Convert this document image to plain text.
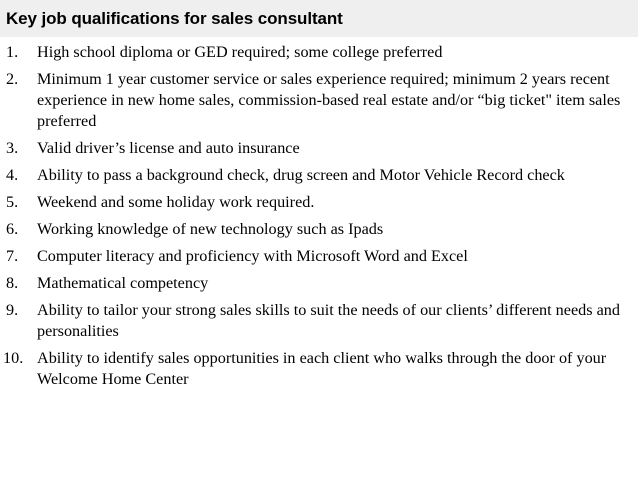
Key job qualifications for sales consultant
1. High school diploma or GED required; some college preferred
2. Minimum 1 year customer service or sales experience required; minimum 2 years recent experience in new home sales, commission-based real estate and/or “big ticket" item sales preferred
3. Valid driver’s license and auto insurance
4. Ability to pass a background check, drug screen and Motor Vehicle Record check
5. Weekend and some holiday work required.
6. Working knowledge of new technology such as Ipads
7. Computer literacy and proficiency with Microsoft Word and Excel
8. Mathematical competency
9. Ability to tailor your strong sales skills to suit the needs of our clients’ different needs and personalities
10. Ability to identify sales opportunities in each client who walks through the door of your Welcome Home Center
